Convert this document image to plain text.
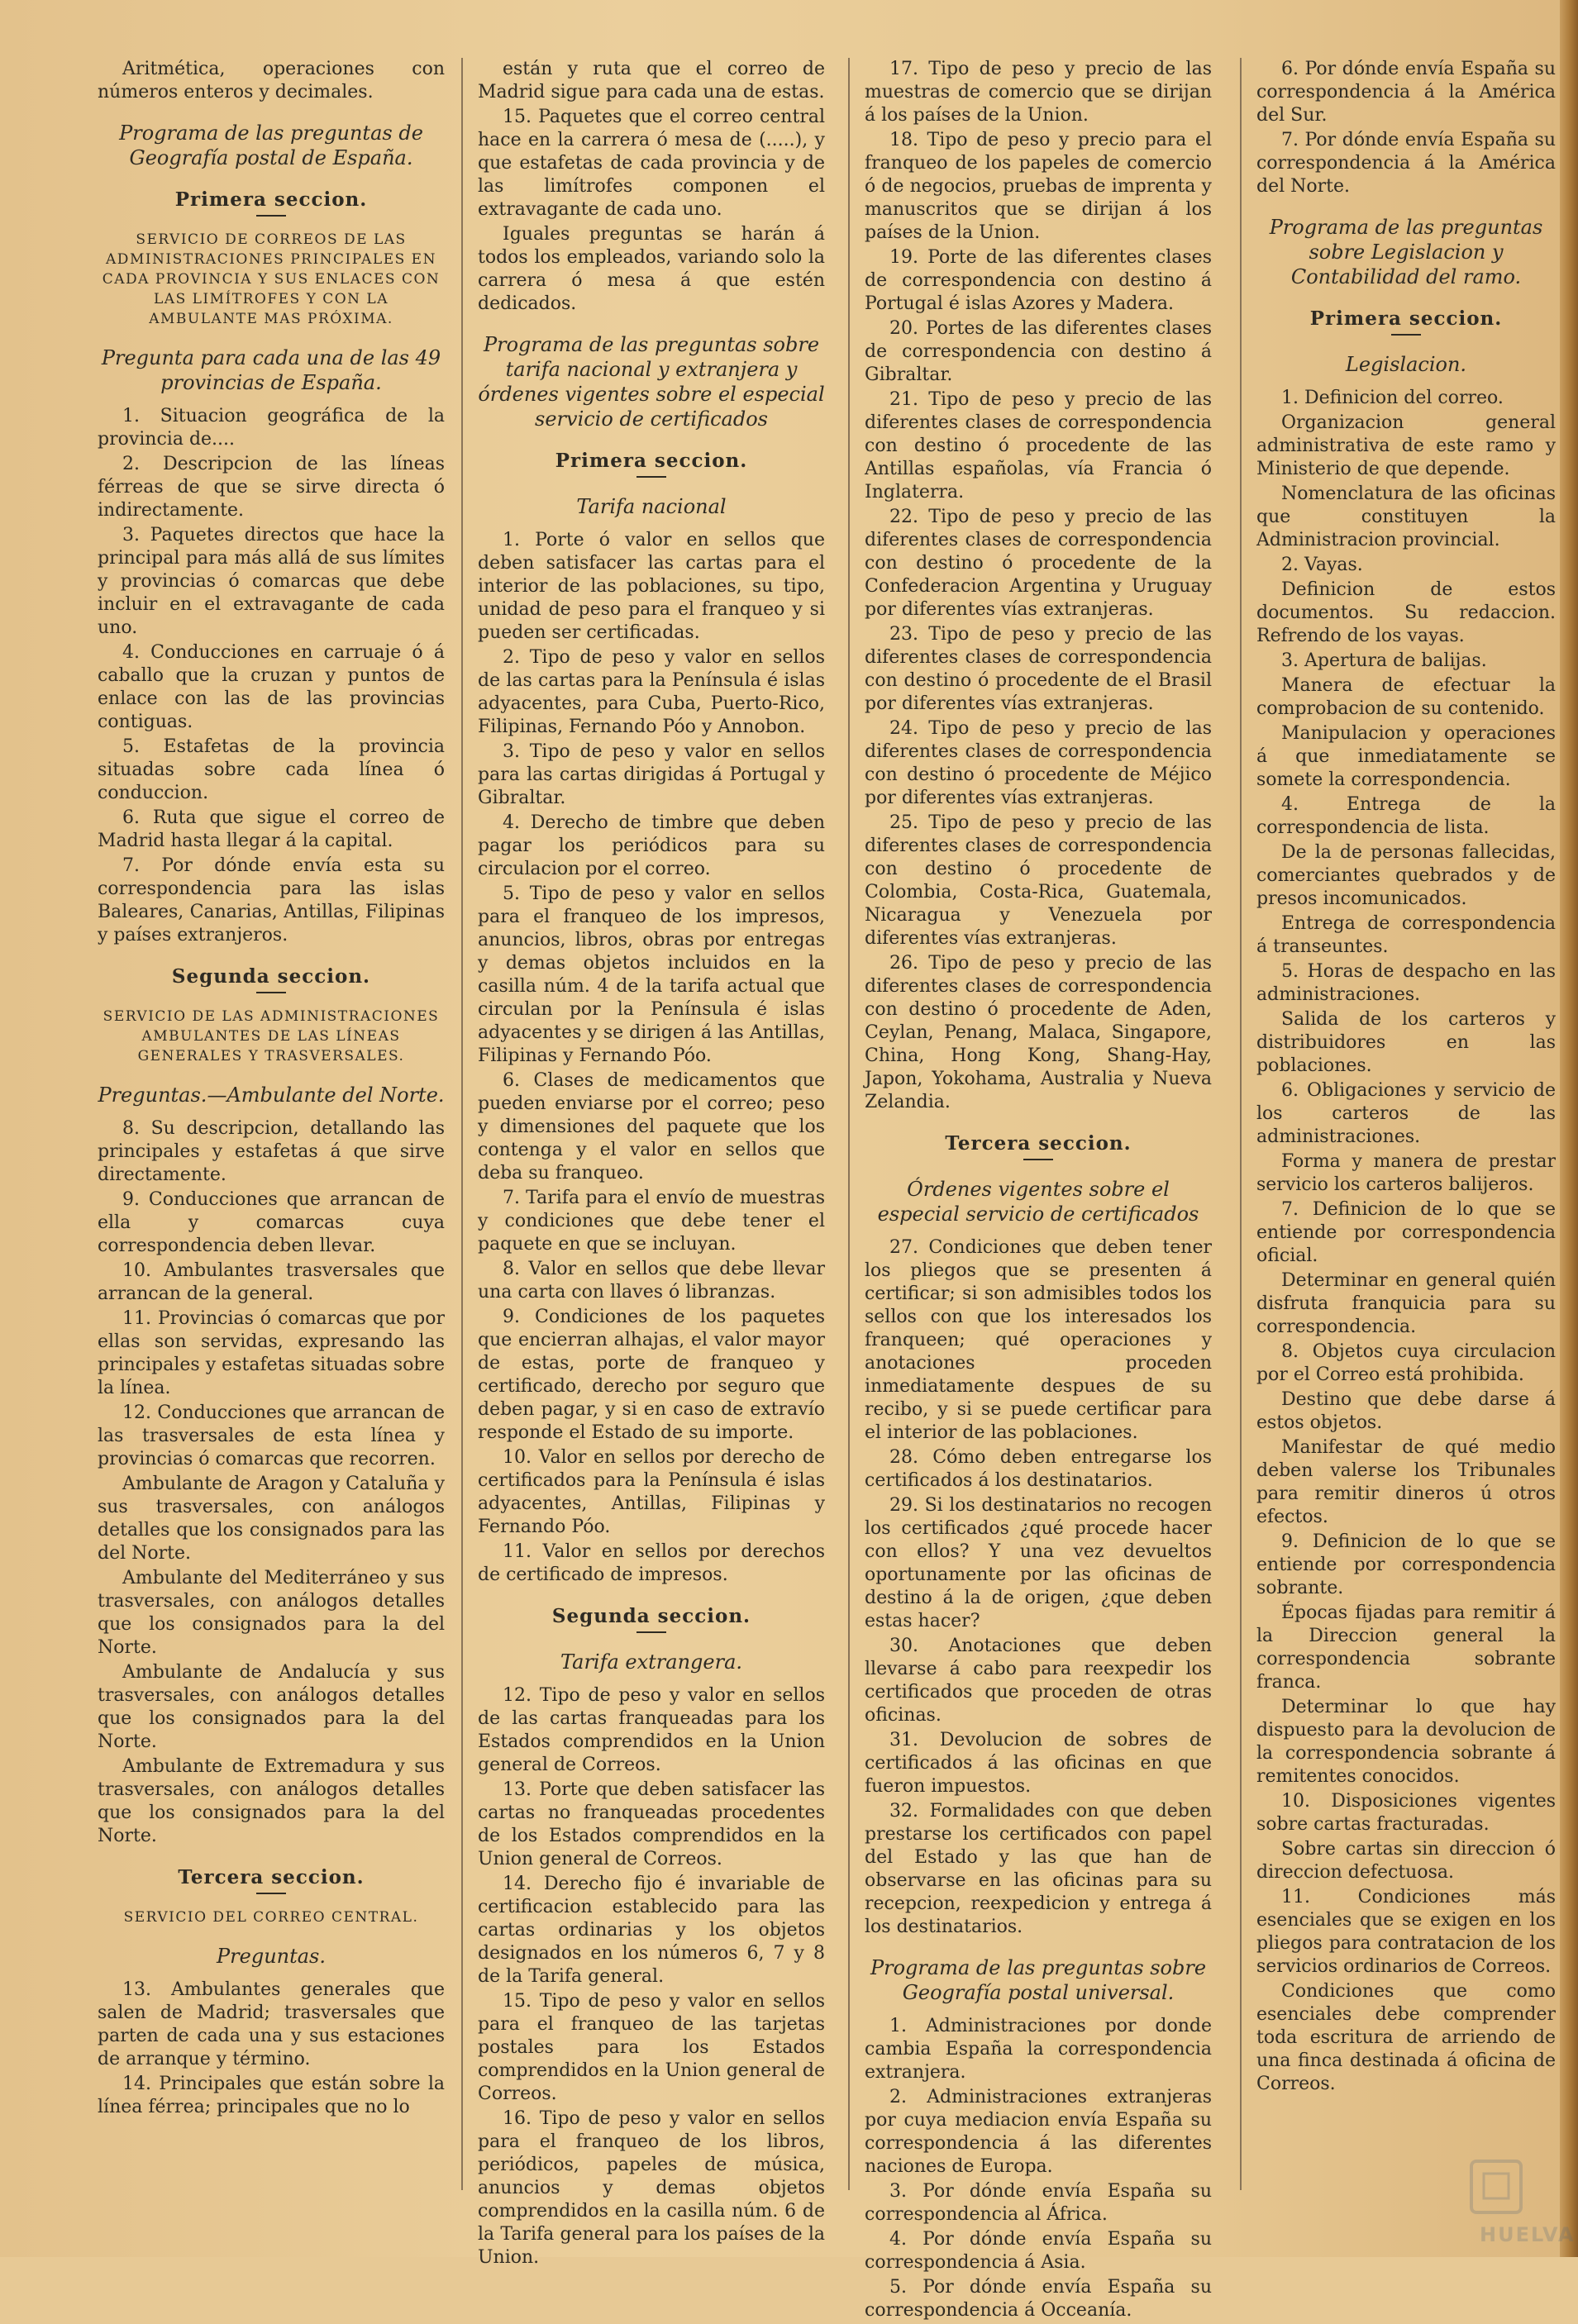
Aritmética, operaciones con números enteros y decimales.
Programa de las preguntas de Geografía postal de España.
Primera seccion.
SERVICIO DE CORREOS DE LAS ADMINISTRACIONES PRINCIPALES EN CADA PROVINCIA Y SUS ENLACES CON LAS LIMÍTROFES Y CON LA AMBULANTE MAS PRÓXIMA.
Pregunta para cada una de las 49 provincias de España.
1. Situacion geográfica de la provincia de....
2. Descripcion de las líneas férreas de que se sirve directa ó indirectamente.
3. Paquetes directos que hace la principal para más allá de sus límites y provincias ó comarcas que debe incluir en el extravagante de cada uno.
4. Conducciones en carruaje ó á caballo que la cruzan y puntos de enlace con las de las provincias contiguas.
5. Estafetas de la provincia situadas sobre cada línea ó conduccion.
6. Ruta que sigue el correo de Madrid hasta llegar á la capital.
7. Por dónde envía esta su correspondencia para las islas Baleares, Canarias, Antillas, Filipinas y países extranjeros.
Segunda seccion.
SERVICIO DE LAS ADMINISTRACIONES AMBULANTES DE LAS LÍNEAS GENERALES Y TRASVERSALES.
Preguntas.—Ambulante del Norte.
8. Su descripcion, detallando las principales y estafetas á que sirve directamente.
9. Conducciones que arrancan de ella y comarcas cuya correspondencia deben llevar.
10. Ambulantes trasversales que arrancan de la general.
11. Provincias ó comarcas que por ellas son servidas, expresando las principales y estafetas situadas sobre la línea.
12. Conducciones que arrancan de las trasversales de esta línea y provincias ó comarcas que recorren.
Ambulante de Aragon y Cataluña y sus trasversales, con análogos detalles que los consignados para las del Norte.
Ambulante del Mediterráneo y sus trasversales, con análogos detalles que los consignados para la del Norte.
Ambulante de Andalucía y sus trasversales, con análogos detalles que los consignados para la del Norte.
Ambulante de Extremadura y sus trasversales, con análogos detalles que los consignados para la del Norte.
Tercera seccion.
SERVICIO DEL CORREO CENTRAL.
Preguntas.
13. Ambulantes generales que salen de Madrid; trasversales que parten de cada una y sus estaciones de arranque y término.
14. Principales que están sobre la línea férrea; principales que no lo
están y ruta que el correo de Madrid sigue para cada una de estas.
15. Paquetes que el correo central hace en la carrera ó mesa de (.....), y que estafetas de cada provincia y de las limítrofes componen el extravagante de cada uno.
Iguales preguntas se harán á todos los empleados, variando solo la carrera ó mesa á que estén dedicados.
Programa de las preguntas sobre tarifa nacional y extranjera y órdenes vigentes sobre el especial servicio de certificados
Primera seccion.
Tarifa nacional
1. Porte ó valor en sellos que deben satisfacer las cartas para el interior de las poblaciones, su tipo, unidad de peso para el franqueo y si pueden ser certificadas.
2. Tipo de peso y valor en sellos de las cartas para la Península é islas adyacentes, para Cuba, Puerto-Rico, Filipinas, Fernando Póo y Annobon.
3. Tipo de peso y valor en sellos para las cartas dirigidas á Portugal y Gibraltar.
4. Derecho de timbre que deben pagar los periódicos para su circulacion por el correo.
5. Tipo de peso y valor en sellos para el franqueo de los impresos, anuncios, libros, obras por entregas y demas objetos incluidos en la casilla núm. 4 de la tarifa actual que circulan por la Península é islas adyacentes y se dirigen á las Antillas, Filipinas y Fernando Póo.
6. Clases de medicamentos que pueden enviarse por el correo; peso y dimensiones del paquete que los contenga y el valor en sellos que deba su franqueo.
7. Tarifa para el envío de muestras y condiciones que debe tener el paquete en que se incluyan.
8. Valor en sellos que debe llevar una carta con llaves ó libranzas.
9. Condiciones de los paquetes que encierran alhajas, el valor mayor de estas, porte de franqueo y certificado, derecho por seguro que deben pagar, y si en caso de extravío responde el Estado de su importe.
10. Valor en sellos por derecho de certificados para la Península é islas adyacentes, Antillas, Filipinas y Fernando Póo.
11. Valor en sellos por derechos de certificado de impresos.
Segunda seccion.
Tarifa extrangera.
12. Tipo de peso y valor en sellos de las cartas franqueadas para los Estados comprendidos en la Union general de Correos.
13. Porte que deben satisfacer las cartas no franqueadas procedentes de los Estados comprendidos en la Union general de Correos.
14. Derecho fijo é invariable de certificacion establecido para las cartas ordinarias y los objetos designados en los números 6, 7 y 8 de la Tarifa general.
15. Tipo de peso y valor en sellos para el franqueo de las tarjetas postales para los Estados comprendidos en la Union general de Correos.
16. Tipo de peso y valor en sellos para el franqueo de los libros, periódicos, papeles de música, anuncios y demas objetos comprendidos en la casilla núm. 6 de la Tarifa general para los países de la Union.
17. Tipo de peso y precio de las muestras de comercio que se dirijan á los países de la Union.
18. Tipo de peso y precio para el franqueo de los papeles de comercio ó de negocios, pruebas de imprenta y manuscritos que se dirijan á los países de la Union.
19. Porte de las diferentes clases de correspondencia con destino á Portugal é islas Azores y Madera.
20. Portes de las diferentes clases de correspondencia con destino á Gibraltar.
21. Tipo de peso y precio de las diferentes clases de correspondencia con destino ó procedente de las Antillas españolas, vía Francia ó Inglaterra.
22. Tipo de peso y precio de las diferentes clases de correspondencia con destino ó procedente de la Confederacion Argentina y Uruguay por diferentes vías extranjeras.
23. Tipo de peso y precio de las diferentes clases de correspondencia con destino ó procedente de el Brasil por diferentes vías extranjeras.
24. Tipo de peso y precio de las diferentes clases de correspondencia con destino ó procedente de Méjico por diferentes vías extranjeras.
25. Tipo de peso y precio de las diferentes clases de correspondencia con destino ó procedente de Colombia, Costa-Rica, Guatemala, Nicaragua y Venezuela por diferentes vías extranjeras.
26. Tipo de peso y precio de las diferentes clases de correspondencia con destino ó procedente de Aden, Ceylan, Penang, Malaca, Singapore, China, Hong Kong, Shang-Hay, Japon, Yokohama, Australia y Nueva Zelandia.
Tercera seccion.
Órdenes vigentes sobre el especial servicio de certificados
27. Condiciones que deben tener los pliegos que se presenten á certificar; si son admisibles todos los sellos con que los interesados los franqueen; qué operaciones y anotaciones proceden inmediatamente despues de su recibo, y si se puede certificar para el interior de las poblaciones.
28. Cómo deben entregarse los certificados á los destinatarios.
29. Si los destinatarios no recogen los certificados ¿qué procede hacer con ellos? Y una vez devueltos oportunamente por las oficinas de destino á la de origen, ¿que deben estas hacer?
30. Anotaciones que deben llevarse á cabo para reexpedir los certificados que proceden de otras oficinas.
31. Devolucion de sobres de certificados á las oficinas en que fueron impuestos.
32. Formalidades con que deben prestarse los certificados con papel del Estado y las que han de observarse en las oficinas para su recepcion, reexpedicion y entrega á los destinatarios.
Programa de las preguntas sobre Geografía postal universal.
1. Administraciones por donde cambia España la correspondencia extranjera.
2. Administraciones extranjeras por cuya mediacion envía España su correspondencia á las diferentes naciones de Europa.
3. Por dónde envía España su correspondencia al África.
4. Por dónde envía España su correspondencia á Asia.
5. Por dónde envía España su correspondencia á Occeanía.
6. Por dónde envía España su correspondencia á la América del Sur.
7. Por dónde envía España su correspondencia á la América del Norte.
Programa de las preguntas sobre Legislacion y Contabilidad del ramo.
Primera seccion.
Legislacion.
1. Definicion del correo.
Organizacion general administrativa de este ramo y Ministerio de que depende.
Nomenclatura de las oficinas que constituyen la Administracion provincial.
2. Vayas.
Definicion de estos documentos. Su redaccion. Refrendo de los vayas.
3. Apertura de balijas.
Manera de efectuar la comprobacion de su contenido.
Manipulacion y operaciones á que inmediatamente se somete la correspondencia.
4. Entrega de la correspondencia de lista.
De la de personas fallecidas, comerciantes quebrados y de presos incomunicados.
Entrega de correspondencia á transeuntes.
5. Horas de despacho en las administraciones.
Salida de los carteros y distribuidores en las poblaciones.
6. Obligaciones y servicio de los carteros de las administraciones.
Forma y manera de prestar servicio los carteros balijeros.
7. Definicion de lo que se entiende por correspondencia oficial.
Determinar en general quién disfruta franquicia para su correspondencia.
8. Objetos cuya circulacion por el Correo está prohibida.
Destino que debe darse á estos objetos.
Manifestar de qué medio deben valerse los Tribunales para remitir dineros ú otros efectos.
9. Definicion de lo que se entiende por correspondencia sobrante.
Épocas fijadas para remitir á la Direccion general la correspondencia sobrante franca.
Determinar lo que hay dispuesto para la devolucion de la correspondencia sobrante á remitentes conocidos.
10. Disposiciones vigentes sobre cartas fracturadas.
Sobre cartas sin direccion ó direccion defectuosa.
11. Condiciones más esenciales que se exigen en los pliegos para contratacion de los servicios ordinarios de Correos.
Condiciones que como esenciales debe comprender toda escritura de arriendo de una finca destinada á oficina de Correos.
HUELVA
